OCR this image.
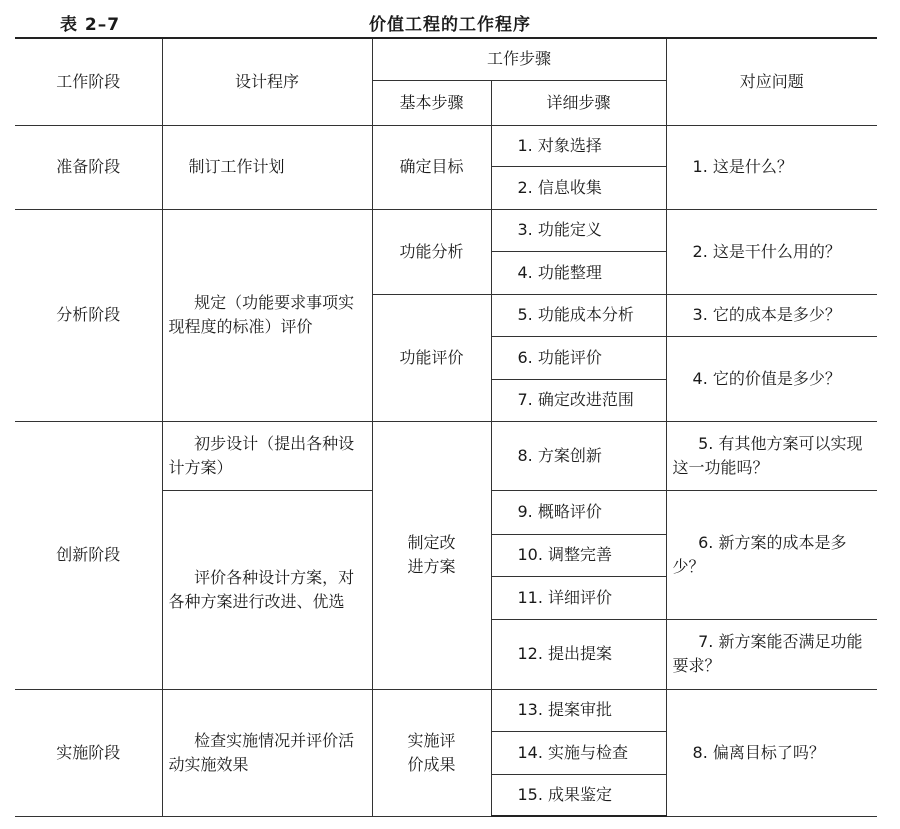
表 2–7	价值工程的工作程序
工作阶段	设计程序	工作步骤		对应问题
		基本步骤	详细步骤	
准备阶段	制订工作计划	确定目标	1. 对象选择	1. 这是什么？
			2. 信息收集	
分析阶段	规定（功能要求事项实现程度的标准）评价	功能分析	3. 功能定义	2. 这是干什么用的？
			4. 功能整理	
		功能评价	5. 功能成本分析	3. 它的成本是多少？
			6. 功能评价	4. 它的价值是多少？
			7. 确定改进范围	
创新阶段	初步设计（提出各种设计方案）	制定改进方案	8. 方案创新	5. 有其他方案可以实现这一功能吗？
	评价各种设计方案，对各种方案进行改进、优选		9. 概略评价	6. 新方案的成本是多少？
			10. 调整完善	
			11. 详细评价	
			12. 提出提案	7. 新方案能否满足功能要求？
实施阶段	检查实施情况并评价活动实施效果	实施评价成果	13. 提案审批	8. 偏离目标了吗？
			14. 实施与检查	
			15. 成果鉴定	
